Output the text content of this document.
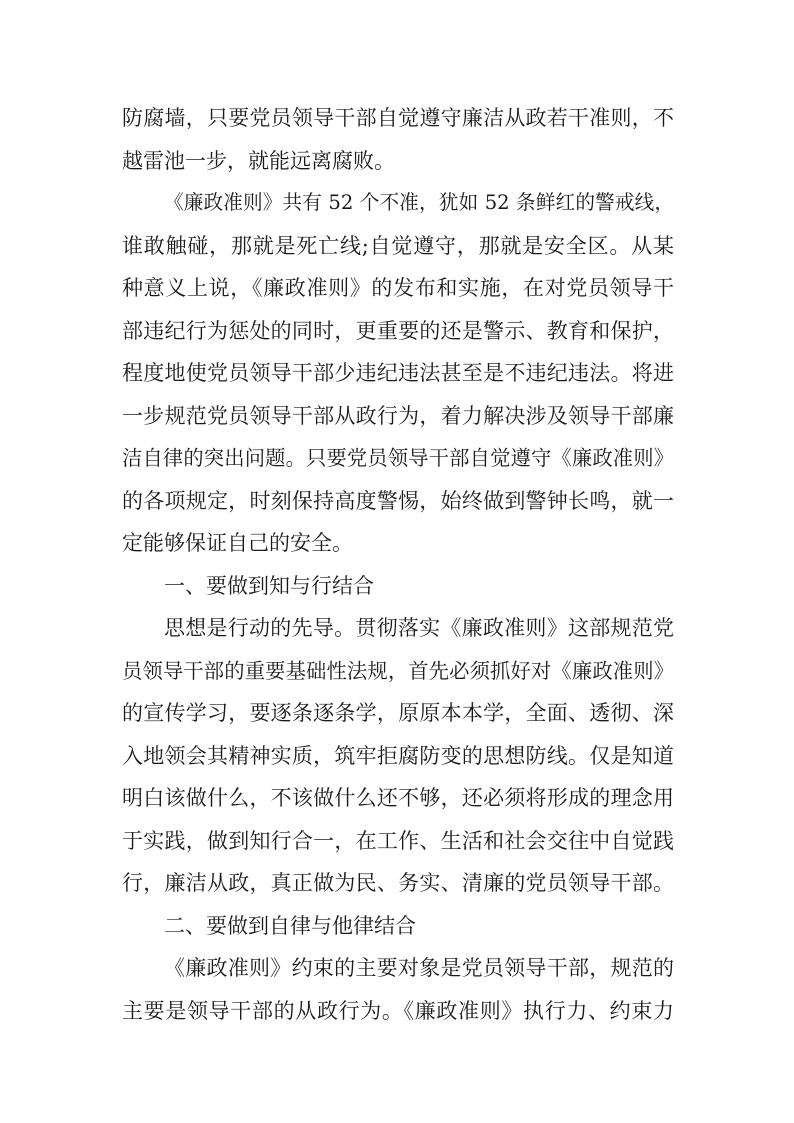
防腐墙，只要党员领导干部自觉遵守廉洁从政若干准则，不
越雷池一步，就能远离腐败。
《廉政准则》共有 52 个不准，犹如 52 条鲜红的警戒线，
谁敢触碰，那就是死亡线;自觉遵守，那就是安全区。从某
种意义上说，《廉政准则》的发布和实施，在对党员领导干
部违纪行为惩处的同时，更重要的还是警示、教育和保护，
程度地使党员领导干部少违纪违法甚至是不违纪违法。将进
一步规范党员领导干部从政行为，着力解决涉及领导干部廉
洁自律的突出问题。只要党员领导干部自觉遵守《廉政准则》
的各项规定，时刻保持高度警惕，始终做到警钟长鸣，就一
定能够保证自己的安全。
一、要做到知与行结合
思想是行动的先导。贯彻落实《廉政准则》这部规范党
员领导干部的重要基础性法规，首先必须抓好对《廉政准则》
的宣传学习，要逐条逐条学，原原本本学，全面、透彻、深
入地领会其精神实质，筑牢拒腐防变的思想防线。仅是知道
明白该做什么，不该做什么还不够，还必须将形成的理念用
于实践，做到知行合一，在工作、生活和社会交往中自觉践
行，廉洁从政，真正做为民、务实、清廉的党员领导干部。
二、要做到自律与他律结合
《廉政准则》约束的主要对象是党员领导干部，规范的
主要是领导干部的从政行为。《廉政准则》执行力、约束力
